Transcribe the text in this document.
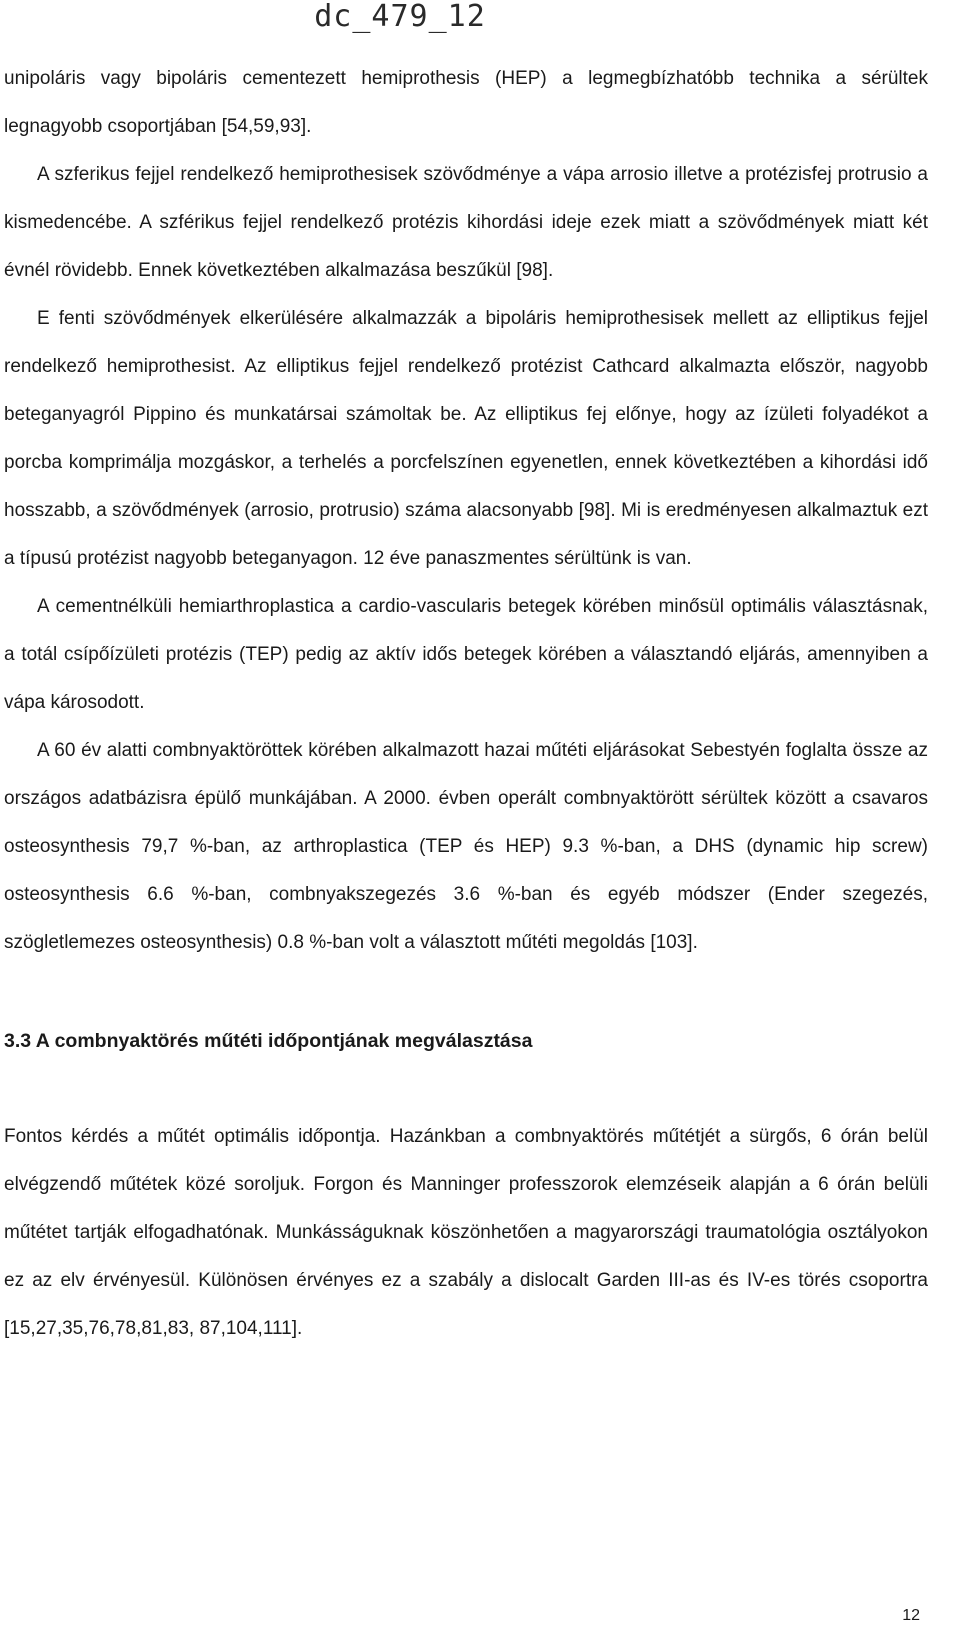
dc_479_12

unipoláris vagy bipoláris cementezett hemiprothesis (HEP) a legmegbízhatóbb technika a sérültek legnagyobb csoportjában [54,59,93].

A szferikus fejjel rendelkező hemiprothesisek szövődménye a vápa arrosio illetve a protézisfej protrusio a kismedencébe. A szférikus fejjel rendelkező protézis kihordási ideje ezek miatt a szövődmények miatt két évnél rövidebb. Ennek következtében alkalmazása beszűkül [98].

E fenti szövődmények elkerülésére alkalmazzák a bipoláris hemiprothesisek mellett az elliptikus fejjel rendelkező hemiprothesist. Az elliptikus fejjel rendelkező protézist Cathcard alkalmazta először, nagyobb beteganyagról Pippino és munkatársai számoltak be. Az elliptikus fej előnye, hogy az ízületi folyadékot a porcba komprimálja mozgáskor, a terhelés a porcfelszínen egyenetlen, ennek következtében a kihordási idő hosszabb, a szövődmények (arrosio, protrusio) száma alacsonyabb [98]. Mi is eredményesen alkalmaztuk ezt a típusú protézist nagyobb beteganyagon. 12 éve panaszmentes sérültünk is van.

A cementnélküli hemiarthroplastica a cardio-vascularis betegek körében minősül optimális választásnak, a totál csípőízületi protézis (TEP) pedig az aktív idős betegek körében a választandó eljárás, amennyiben a vápa károsodott.

A 60 év alatti combnyaktöröttek körében alkalmazott hazai műtéti eljárásokat Sebestyén foglalta össze az országos adatbázisra épülő munkájában. A 2000. évben operált combnyaktörött sérültek között a csavaros osteosynthesis 79,7 %-ban, az arthroplastica (TEP és HEP) 9.3 %-ban, a DHS (dynamic hip screw) osteosynthesis 6.6 %-ban, combnyakszegezés 3.6 %-ban és egyéb módszer (Ender szegezés, szögletlemezes osteosynthesis) 0.8 %-ban volt a választott műtéti megoldás [103].

3.3 A combnyaktörés műtéti időpontjának megválasztása

Fontos kérdés a műtét optimális időpontja. Hazánkban a combnyaktörés műtétjét a sürgős, 6 órán belül elvégzendő műtétek közé soroljuk. Forgon és Manninger professzorok elemzéseik alapján a 6 órán belüli műtétet tartják elfogadhatónak. Munkásságuknak köszönhetően a magyarországi traumatológia osztályokon ez az elv érvényesül. Különösen érvényes ez a szabály a dislocalt Garden III-as és IV-es törés csoportra [15,27,35,76,78,81,83, 87,104,111].

12
